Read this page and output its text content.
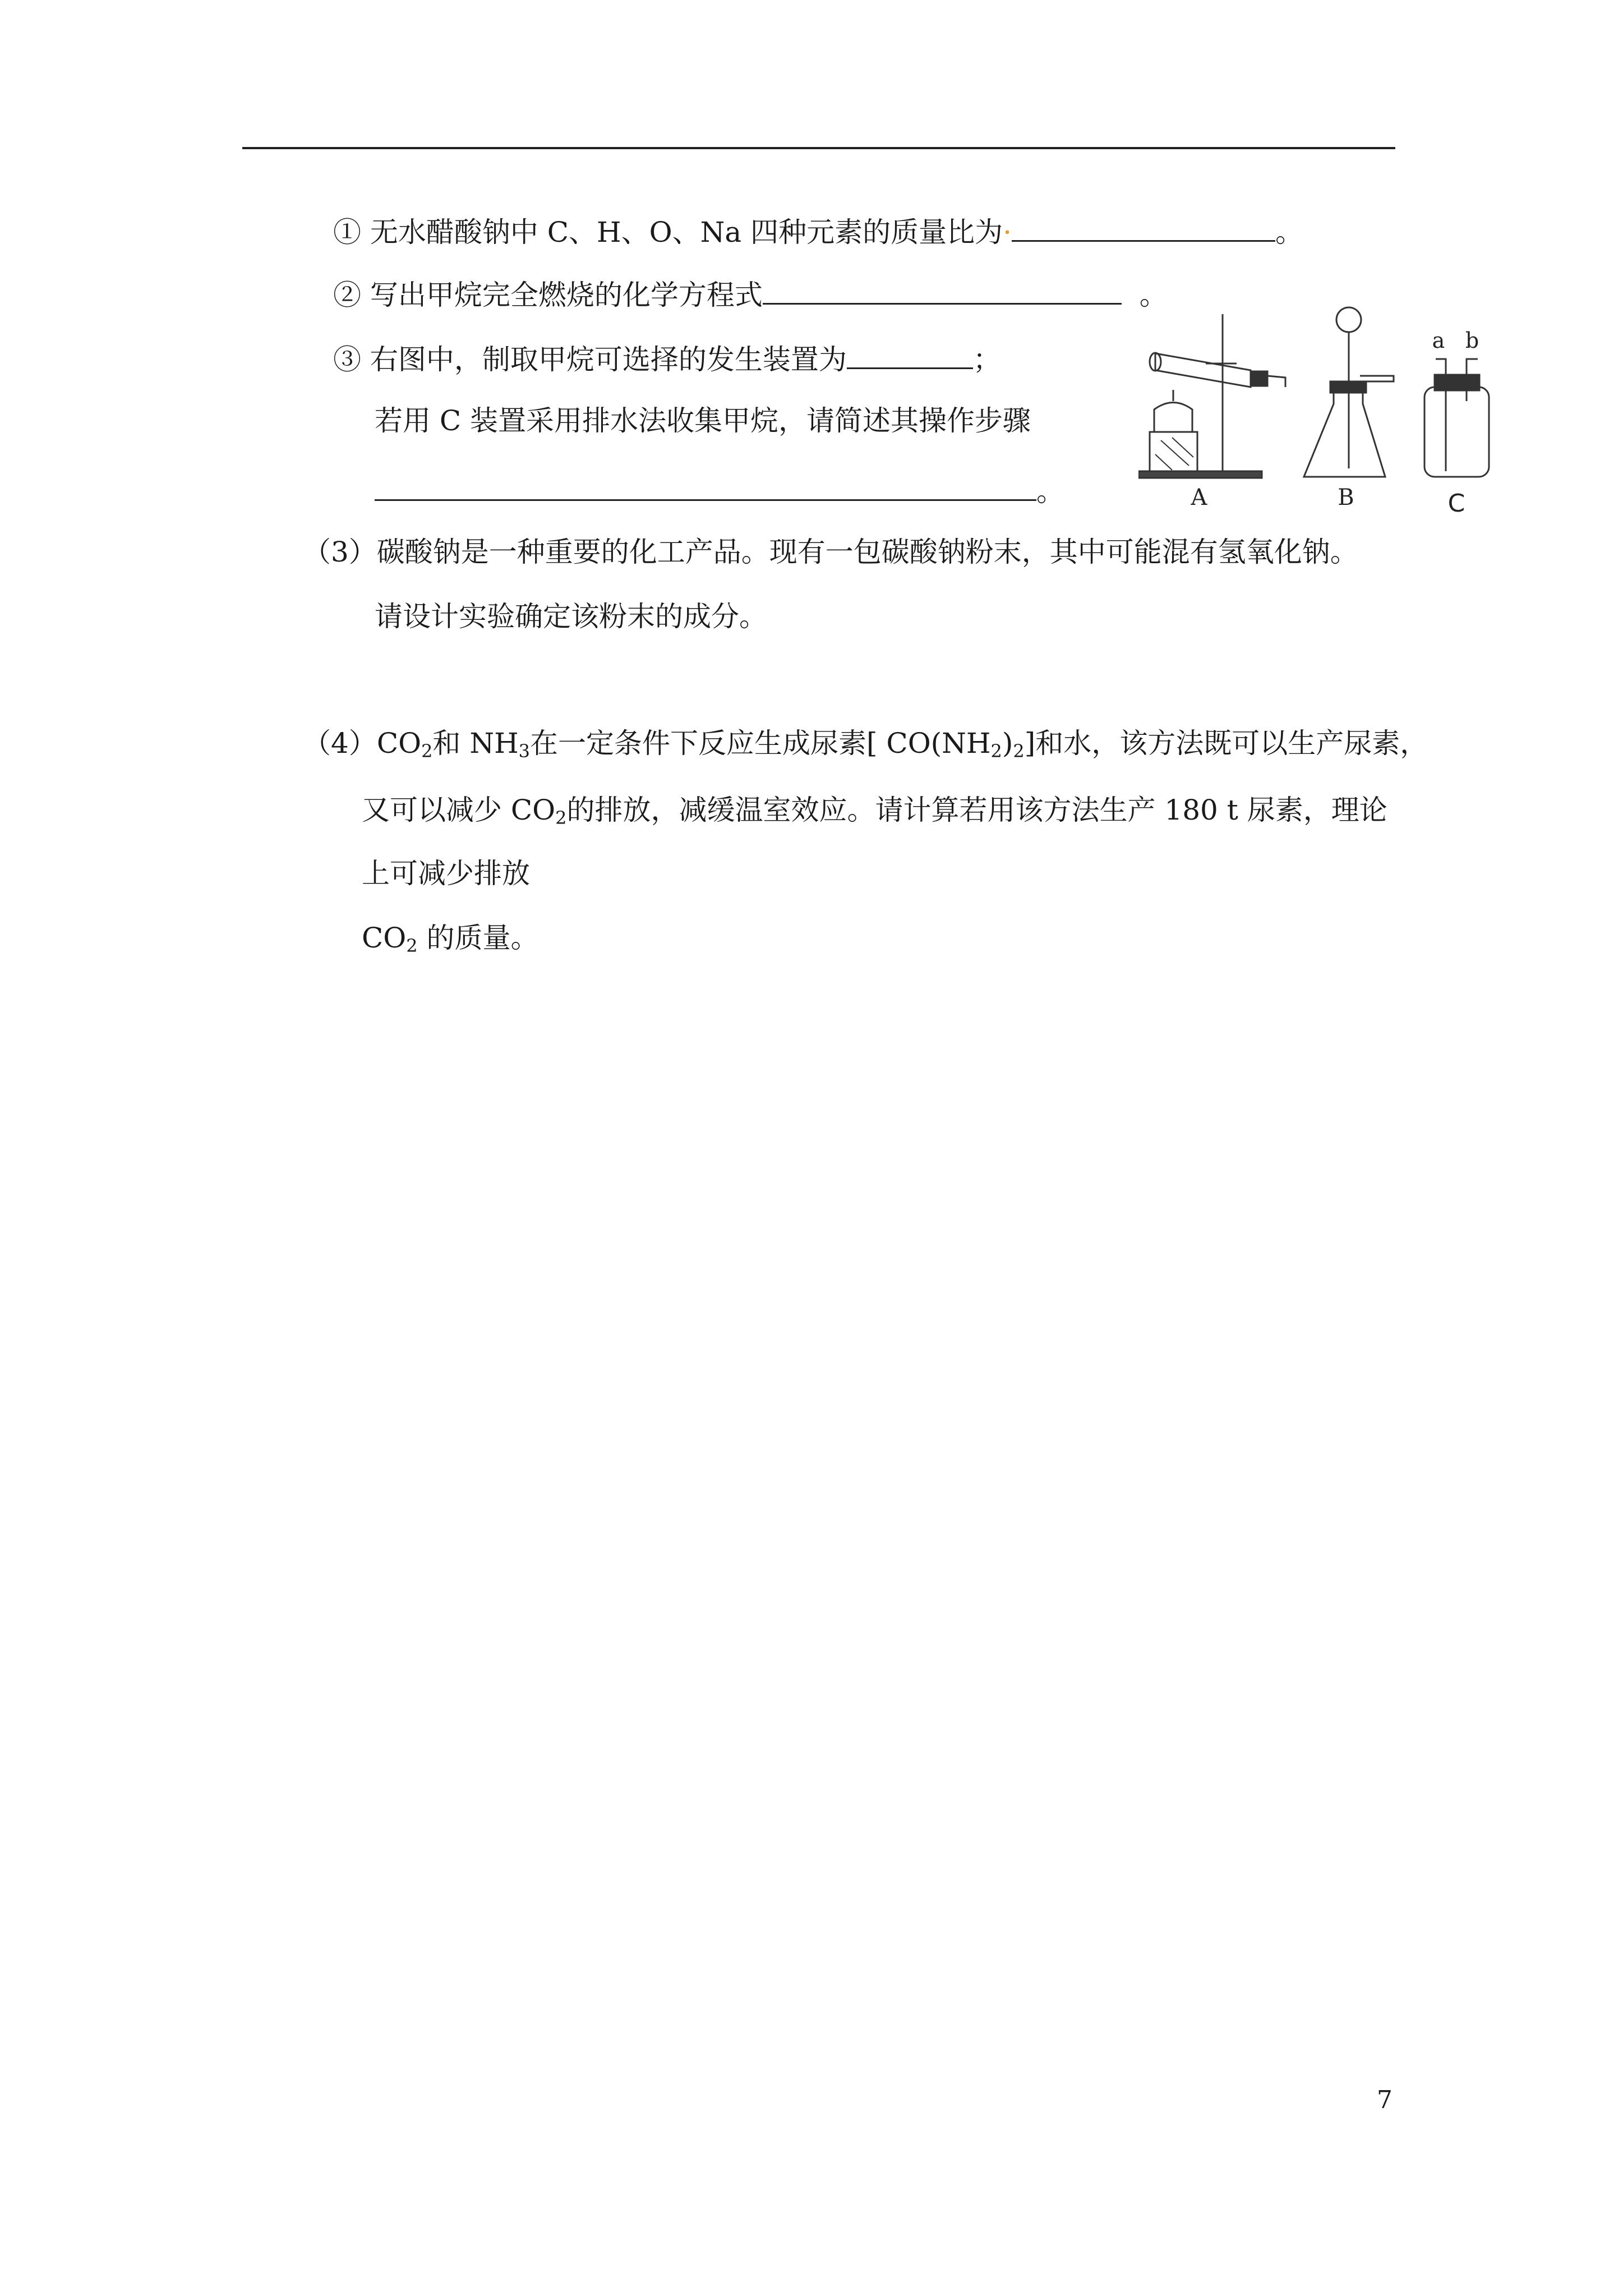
① 无水醋酸钠中 C、H、O、Na 四种元素的质量比为·	。
② 写出甲烷完全燃烧的化学方程式	。
③ 右图中，制取甲烷可选择的发生装置为	；
若用 C 装置采用排水法收集甲烷，请简述其操作步骤
。	A	B	C
a b
（3）碳酸钠是一种重要的化工产品。现有一包碳酸钠粉末，其中可能混有氢氧化钠。
请设计实验确定该粉末的成分。
$(4)CO_2$和 $NH_3$在一定条件下反应生成尿素[ $CO(NH_2)_2$]和水，该方法既可以生产尿素，
又可以减少 $CO_2$的排放，减缓温室效应。请计算若用该方法生产 180 t 尿素，理论
上可减少排放
$CO_2$ 的质量。
7
